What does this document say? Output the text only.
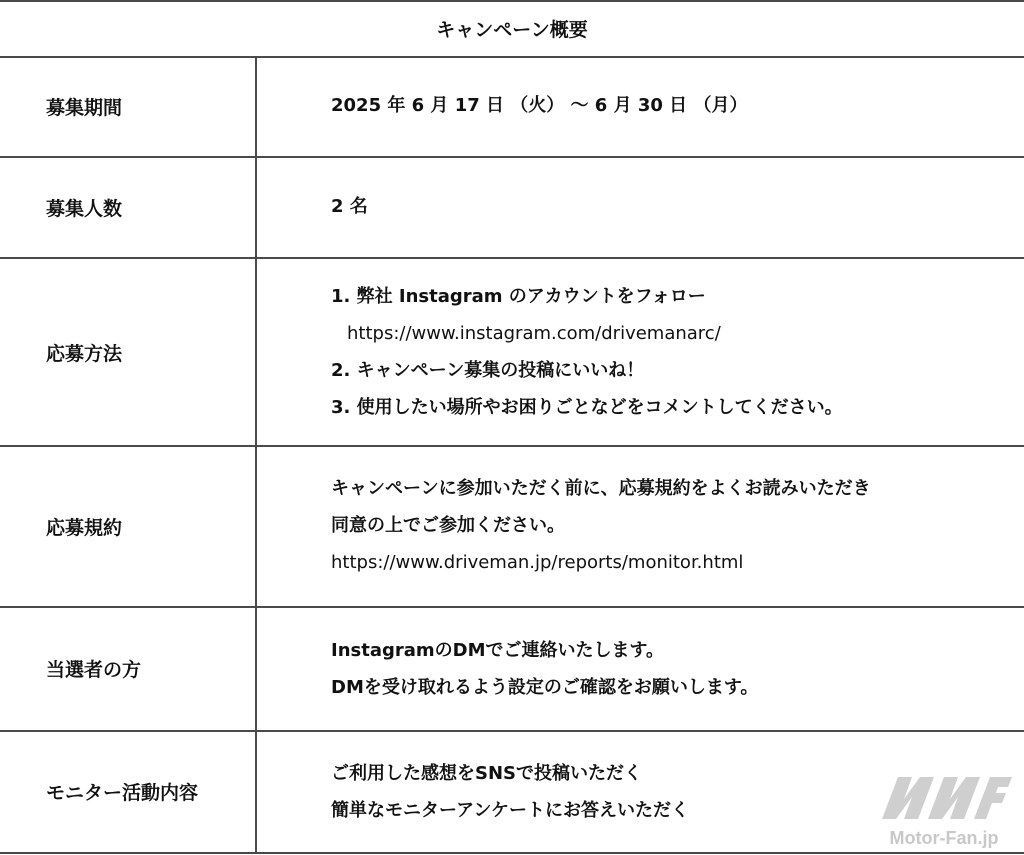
キャンペーン概要
募集期間	2025 年 6 月 17 日 （火） ～ 6 月 30 日 （月）
募集人数	2 名
応募方法
1. 弊社 Instagram のアカウントをフォロー
https://www.instagram.com/drivemanarc/
2. キャンペーン募集の投稿にいいね！
3. 使用したい場所やお困りごとなどをコメントしてください。
応募規約
キャンペーンに参加いただく前に、応募規約をよくお読みいただき
同意の上でご参加ください。
https://www.driveman.jp/reports/monitor.html
当選者の方
InstagramのDMでご連絡いたします。
DMを受け取れるよう設定のご確認をお願いします。
モニター活動内容
ご利用した感想をSNSで投稿いただく
簡単なモニターアンケートにお答えいただく
Motor-Fan.jp
